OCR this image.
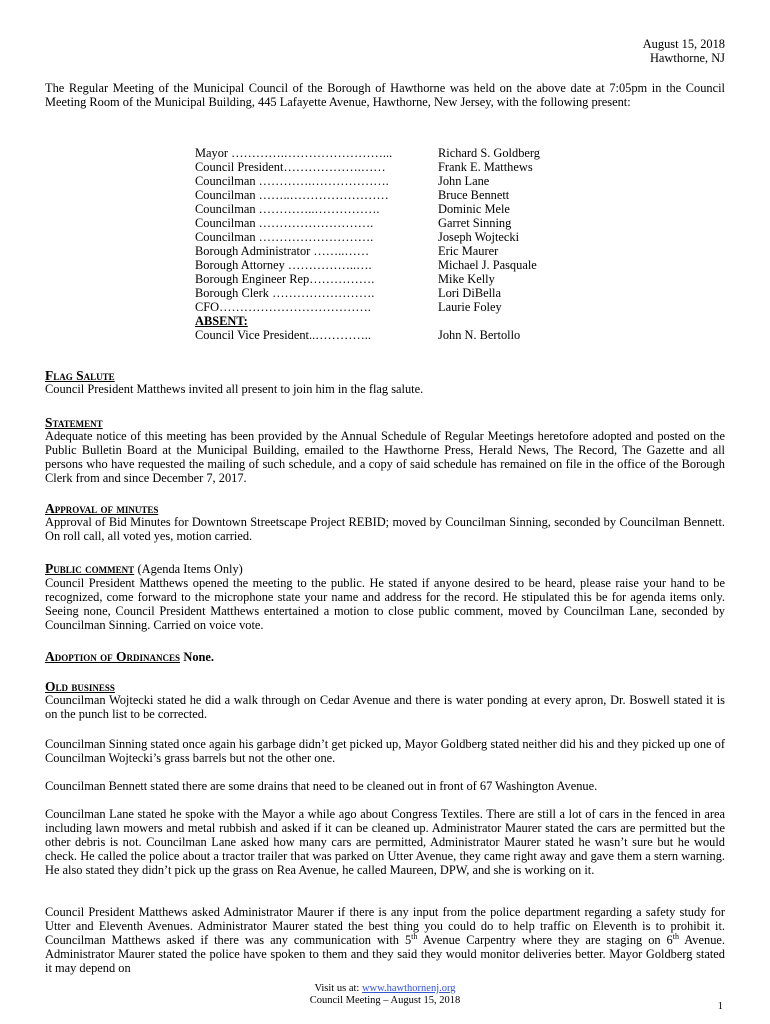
August 15, 2018
Hawthorne, NJ

The Regular Meeting of the Municipal Council of the Borough of Hawthorne was held on the above date at 7:05pm in the Council Meeting Room of the Municipal Building, 445 Lafayette Avenue, Hawthorne, New Jersey, with the following present:

Mayor ………….……………………...	Richard S. Goldberg
Council President……………….……	Frank E. Matthews
Councilman ………….……………….	John Lane
Councilman ……..……………………	Bruce Bennett
Councilman …………..…………….	Dominic Mele
Councilman ……………………….	Garret Sinning
Councilman ……………………….	Joseph Wojtecki
Borough Administrator ……..……	Eric Maurer
Borough Attorney ……………..….	Michael J. Pasquale
Borough Engineer Rep…………….	Mike Kelly
Borough Clerk …………………….	Lori DiBella
CFO……………………………….	Laurie Foley
ABSENT:
Council Vice President..…………..	John N. Bertollo
Flag Salute

Council President Matthews invited all present to join him in the flag salute.

Statement

Adequate notice of this meeting has been provided by the Annual Schedule of Regular Meetings heretofore adopted and posted on the Public Bulletin Board at the Municipal Building, emailed to the Hawthorne Press, Herald News, The Record, The Gazette and all persons who have requested the mailing of such schedule, and a copy of said schedule has remained on file in the office of the Borough Clerk from and since December 7, 2017.

Approval of minutes

Approval of Bid Minutes for Downtown Streetscape Project REBID; moved by Councilman Sinning, seconded by Councilman Bennett. On roll call, all voted yes, motion carried.

Public comment (Agenda Items Only)

Council President Matthews opened the meeting to the public. He stated if anyone desired to be heard, please raise your hand to be recognized, come forward to the microphone state your name and address for the record. He stipulated this be for agenda items only. Seeing none, Council President Matthews entertained a motion to close public comment, moved by Councilman Lane, seconded by Councilman Sinning. Carried on voice vote.

Adoption of Ordinances None.
Old business

Councilman Wojtecki stated he did a walk through on Cedar Avenue and there is water ponding at every apron, Dr. Boswell stated it is on the punch list to be corrected.

Councilman Sinning stated once again his garbage didn’t get picked up, Mayor Goldberg stated neither did his and they picked up one of Councilman Wojtecki’s grass barrels but not the other one.

Councilman Bennett stated there are some drains that need to be cleaned out in front of 67 Washington Avenue.

Councilman Lane stated he spoke with the Mayor a while ago about Congress Textiles. There are still a lot of cars in the fenced in area including lawn mowers and metal rubbish and asked if it can be cleaned up. Administrator Maurer stated the cars are permitted but the other debris is not. Councilman Lane asked how many cars are permitted, Administrator Maurer stated he wasn’t sure but he would check. He called the police about a tractor trailer that was parked on Utter Avenue, they came right away and gave them a stern warning. He also stated they didn’t pick up the grass on Rea Avenue, he called Maureen, DPW, and she is working on it.

Council President Matthews asked Administrator Maurer if there is any input from the police department regarding a safety study for Utter and Eleventh Avenues. Administrator Maurer stated the best thing you could do to help traffic on Eleventh is to prohibit it. Councilman Matthews asked if there was any communication with 5th Avenue Carpentry where they are staging on 6th Avenue. Administrator Maurer stated the police have spoken to them and they said they would monitor deliveries better. Mayor Goldberg stated it may depend on

Visit us at: www.hawthornenj.org
Council Meeting – August 15, 2018
1
